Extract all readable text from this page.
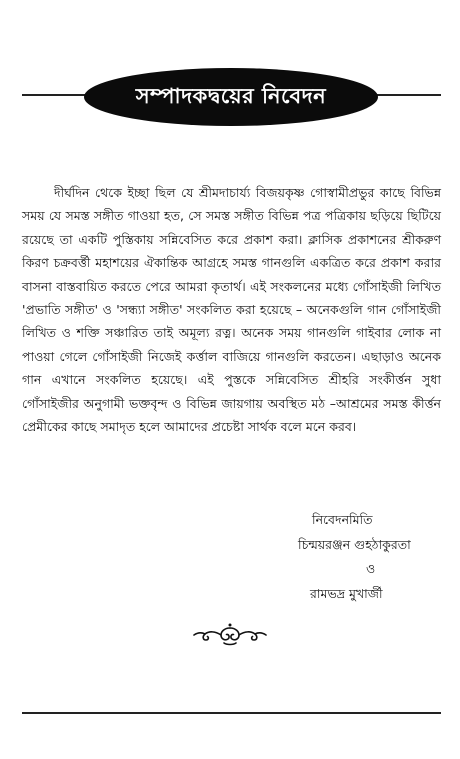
সম্পাদকদ্বয়ের নিবেদন

দীর্ঘদিন থেকে ইচ্ছা ছিল যে শ্রীমদাচার্য্য বিজয়কৃষ্ণ গোস্বামীপ্রভুর কাছে বিভিন্ন সময় যে সমস্ত সঙ্গীত গাওয়া হত, সে সমস্ত সঙ্গীত বিভিন্ন পত্র পত্রিকায় ছড়িয়ে ছিটিয়ে রয়েছে তা একটি পুস্তিকায় সন্নিবেসিত করে প্রকাশ করা। ক্লাসিক প্রকাশনের শ্রীকরুণ কিরণ চক্রবর্ত্তী মহাশয়ের ঐকান্তিক আগ্রহে সমস্ত গানগুলি একত্রিত করে প্রকাশ করার বাসনা বাস্তবায়িত করতে পেরে আমরা কৃতার্থ। এই সংকলনের মধ্যে গোঁসাইজী লিখিত 'প্রভাতি সঙ্গীত' ও 'সন্ধ্যা সঙ্গীত' সংকলিত করা হয়েছে – অনেকগুলি গান গোঁসাইজী লিখিত ও শক্তি সঞ্চারিত তাই অমূল্য রত্ন। অনেক সময় গানগুলি গাইবার লোক না পাওয়া গেলে গোঁসাইজী নিজেই কর্ত্তাল বাজিয়ে গানগুলি করতেন। এছাড়াও অনেক গান এখানে সংকলিত হয়েছে। এই পুস্তকে সন্নিবেসিত শ্রীহরি সংকীর্ত্তন সুধা গোঁসাইজীর অনুগামী ভক্তবৃন্দ ও বিভিন্ন জায়গায় অবস্থিত মঠ –আশ্রমের সমস্ত কীর্ত্তন প্রেমীকের কাছে সমাদৃত হলে আমাদের প্রচেষ্টা সার্থক বলে মনে করব।

নিবেদনমিতি
চিন্ময়রঞ্জন গুহঠাকুরতা
ও
রামভদ্র মুখার্জী
